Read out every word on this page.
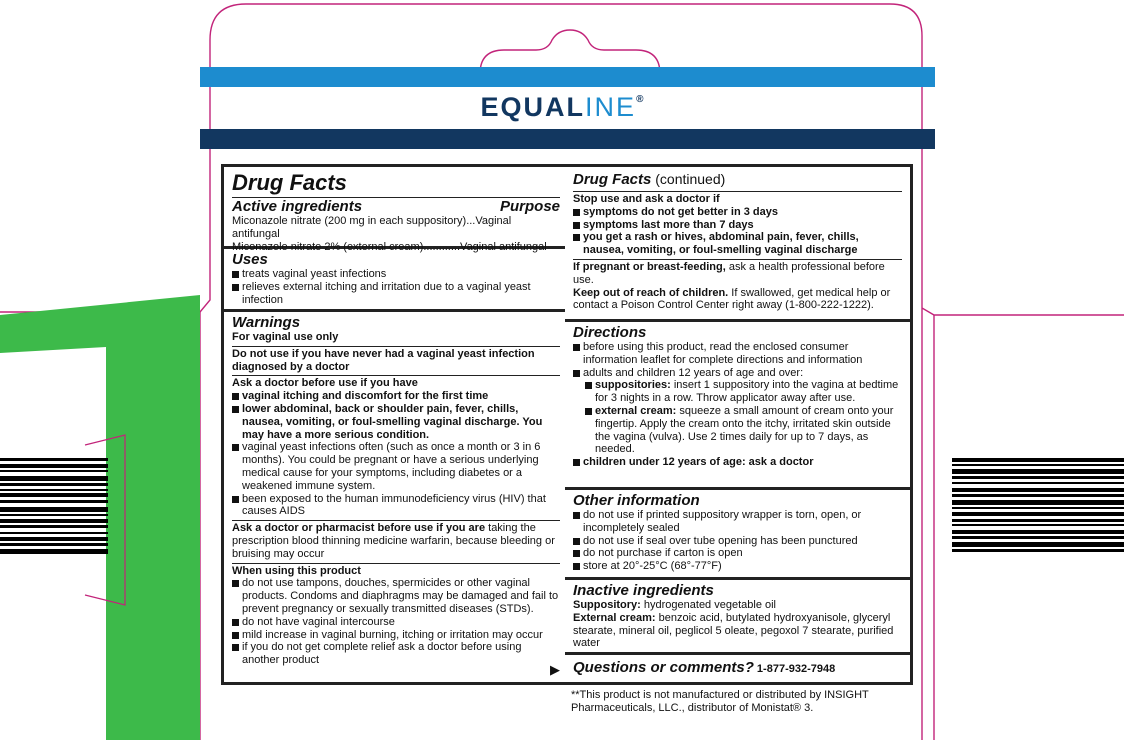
EQUALINE®
Drug Facts
Active ingredients	Purpose
Miconazole nitrate (200 mg in each suppository)...Vaginal antifungal
Miconazole nitrate 2% (external cream)............Vaginal antifungal
Uses
treats vaginal yeast infections
relieves external itching and irritation due to a vaginal yeast infection
Warnings
For vaginal use only
Do not use if you have never had a vaginal yeast infection diagnosed by a doctor
Ask a doctor before use if you have
vaginal itching and discomfort for the first time
lower abdominal, back or shoulder pain, fever, chills, nausea, vomiting, or foul-smelling vaginal discharge. You may have a more serious condition.
vaginal yeast infections often (such as once a month or 3 in 6 months). You could be pregnant or have a serious underlying medical cause for your symptoms, including diabetes or a weakened immune system.
been exposed to the human immunodeficiency virus (HIV) that causes AIDS
Ask a doctor or pharmacist before use if you are taking the prescription blood thinning medicine warfarin, because bleeding or bruising may occur
When using this product
do not use tampons, douches, spermicides or other vaginal products. Condoms and diaphragms may be damaged and fail to prevent pregnancy or sexually transmitted diseases (STDs).
do not have vaginal intercourse
mild increase in vaginal burning, itching or irritation may occur
if you do not get complete relief ask a doctor before using another product
▶
Drug Facts (continued)
Stop use and ask a doctor if
symptoms do not get better in 3 days
symptoms last more than 7 days
you get a rash or hives, abdominal pain, fever, chills, nausea, vomiting, or foul-smelling vaginal discharge
If pregnant or breast-feeding, ask a health professional before use.
Keep out of reach of children. If swallowed, get medical help or contact a Poison Control Center right away (1-800-222-1222).
Directions
before using this product, read the enclosed consumer information leaflet for complete directions and information
adults and children 12 years of age and over:
suppositories: insert 1 suppository into the vagina at bedtime for 3 nights in a row. Throw applicator away after use.
external cream: squeeze a small amount of cream onto your fingertip. Apply the cream onto the itchy, irritated skin outside the vagina (vulva). Use 2 times daily for up to 7 days, as needed.
children under 12 years of age: ask a doctor
Other information
do not use if printed suppository wrapper is torn, open, or incompletely sealed
do not use if seal over tube opening has been punctured
do not purchase if carton is open
store at 20°-25°C (68°-77°F)
Inactive ingredients
Suppository: hydrogenated vegetable oil
External cream: benzoic acid, butylated hydroxyanisole, glyceryl stearate, mineral oil, peglicol 5 oleate, pegoxol 7 stearate, purified water
Questions or comments? 1-877-932-7948
**This product is not manufactured or distributed by INSIGHT Pharmaceuticals, LLC., distributor of Monistat® 3.
